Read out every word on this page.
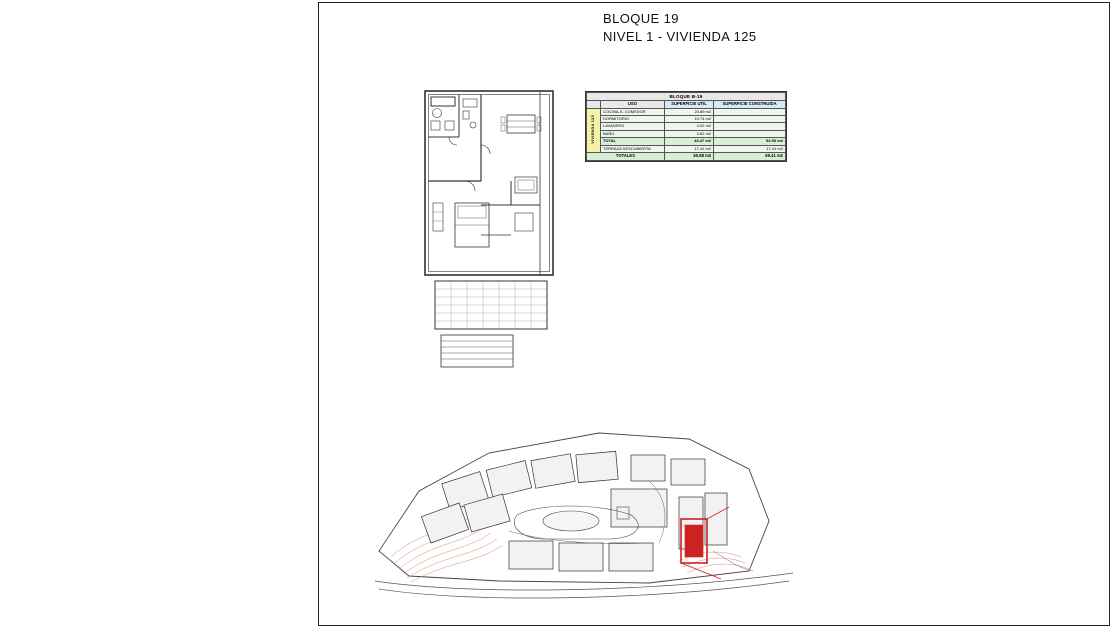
BLOQUE 19
NIVEL 1 - VIVIENDA 125
BLOQUE B-19			
	USO	SUPERFICIE UTIL	SUPERFICIE CONSTRUIDA
VIVIENDA 125	COCINA-S. COMEDOR	24.89 m2	
	DORMITORIO	10.74 m2	
	LAVADERO	4.02 m2	
	BAÑO	3.82 m2	
	TOTAL	43.47 m2	52.00 m2
	TERRAZA DESCUBIERTA	17.41 m2	17.41 m2
TOTALES		60.88 m2	69.41 m2
